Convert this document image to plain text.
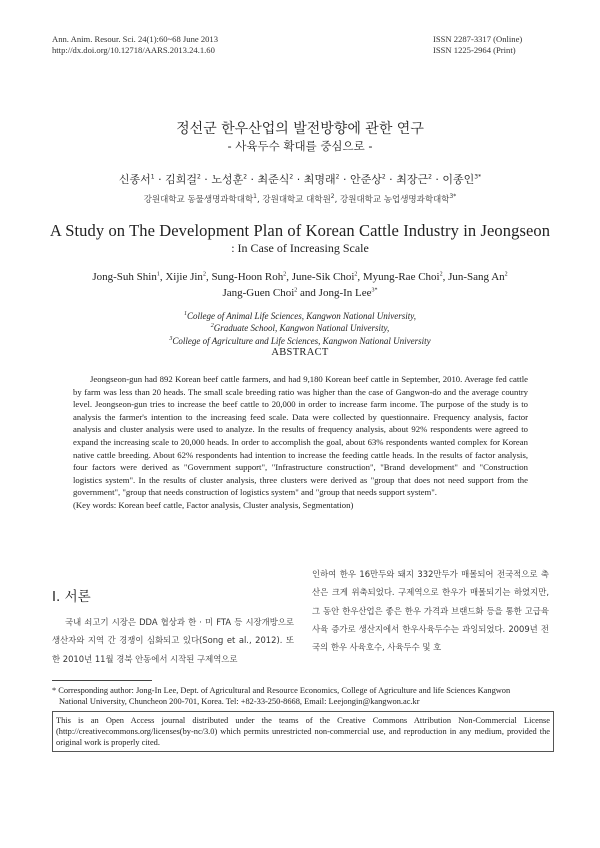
Ann. Anim. Resour. Sci. 24(1):60~68 June 2013
http://dx.doi.org/10.12718/AARS.2013.24.1.60
ISSN 2287-3317 (Online)
ISSN 1225-2964 (Print)
정선군 한우산업의 발전방향에 관한 연구
- 사육두수 확대를 중심으로 -
신종서$^1$ · 김희걸$^2$ · 노성훈$^2$ · 최준식$^2$ · 최명래$^2$ · 안준상$^2$ · 최장근$^2$ · 이종인$^{3*}$
강원대학교 동물생명과학대학$^1$, 강원대학교 대학원$^2$, 강원대학교 농업생명과학대학$^{3*}$
A Study on The Development Plan of Korean Cattle Industry in Jeongseon
: In Case of Increasing Scale
Jong-Suh Shin$^1$, Xijie Jin$^2$, Sung-Hoon Roh$^2$, June-Sik Choi$^2$, Myung-Rae Choi$^2$, Jun-Sang An$^2$
Jang-Guen Choi$^2$ and Jong-In Lee$^{3*}$
$^1$College of Animal Life Sciences, Kangwon National University,
$^2$Graduate School, Kangwon National University,
$^3$College of Agriculture and Life Sciences, Kangwon National University
ABSTRACT

Jeongseon-gun had 892 Korean beef cattle farmers, and had 9,180 Korean beef cattle in September, 2010. Average fed cattle by farm was less than 20 heads. The small scale breeding ratio was higher than the case of Gangwon-do and the average country level. Jeongseon-gun tries to increase the beef cattle to 20,000 in order to increase farm income. The purpose of the study is to analysis the farmer's intention to the increasing feed scale. Data were collected by questionnaire. Frequency analysis, factor analysis and cluster analysis were used to analyze. In the results of frequency analysis, about 92% respondents were agreed to expand the increasing scale to 20,000 heads. In order to accomplish the goal, about 63% respondents wanted complex for Korean native cattle breeding. About 62% respondents had intention to increase the feeding cattle heads. In the results of factor analysis, four factors were derived as "Government support", "Infrastructure construction", "Brand development" and "Construction logistics system". In the results of cluster analysis, three clusters were derived as "group that does not need support from the government", "group that needs construction of logistics system" and "group that needs support system".

(Key words: Korean beef cattle, Factor analysis, Cluster analysis, Segmentation)

Ⅰ. 서론

국내 쇠고기 시장은 DDA 협상과 한 · 미 FTA 등 시장개방으로 생산자와 지역 간 경쟁이 심화되고 있다(Song et al., 2012). 또한 2010년 11월 경북 안동에서 시작된 구제역으로

인하여 한우 16만두와 돼지 332만두가 매몰되어 전국적으로 축산은 크게 위축되었다. 구제역으로 한우가 매몰되기는 하였지만, 그 동안 한우산업은 좋은 한우 가격과 브랜드화 등을 통한 고급육 사육 증가로 생산지에서 한우사육두수는 과잉되었다. 2009년 전국의 한우 사육호수, 사육두수 및 호

* Corresponding author: Jong-In Lee, Dept. of Agricultural and Resource Economics, College of Agriculture and life Sciences Kangwon
National University, Chuncheon 200-701, Korea. Tel: +82-33-250-8668, Email: Leejongin@kangwon.ac.kr
This is an Open Access journal distributed under the teams of the Creative Commons Attribution Non-Commercial License (http://creativecommons.org/licenses(by-nc/3.0) which permits unrestricted non-commercial use, and reproduction in any medium, provided the original work is properly cited.
